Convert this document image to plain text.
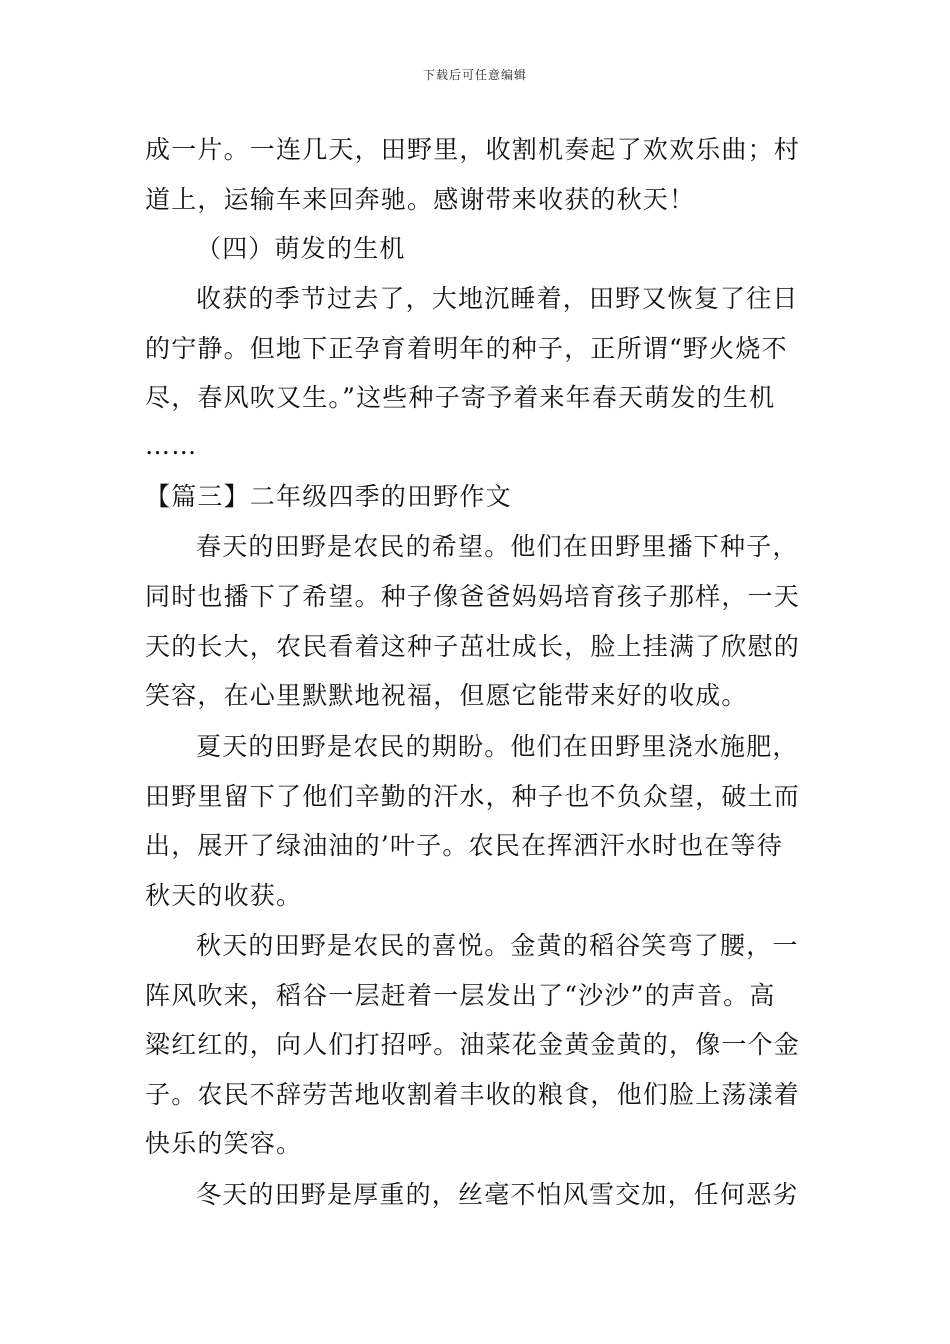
下载后可任意编辑
成一片。一连几天，田野里，收割机奏起了欢欢乐曲；村
道上，运输车来回奔驰。感谢带来收获的秋天！
（四）萌发的生机
收获的季节过去了，大地沉睡着，田野又恢复了往日
的宁静。但地下正孕育着明年的种子，正所谓“野火烧不
尽，春风吹又生。”这些种子寄予着来年春天萌发的生机
……
【篇三】二年级四季的田野作文
春天的田野是农民的希望。他们在田野里播下种子，
同时也播下了希望。种子像爸爸妈妈培育孩子那样，一天
天的长大，农民看着这种子茁壮成长，脸上挂满了欣慰的
笑容，在心里默默地祝福，但愿它能带来好的收成。
夏天的田野是农民的期盼。他们在田野里浇水施肥，
田野里留下了他们辛勤的汗水，种子也不负众望，破土而
出，展开了绿油油的’叶子。农民在挥洒汗水时也在等待
秋天的收获。
秋天的田野是农民的喜悦。金黄的稻谷笑弯了腰，一
阵风吹来，稻谷一层赶着一层发出了“沙沙”的声音。高
粱红红的，向人们打招呼。油菜花金黄金黄的，像一个金
子。农民不辞劳苦地收割着丰收的粮食，他们脸上荡漾着
快乐的笑容。
冬天的田野是厚重的，丝毫不怕风雪交加，任何恶劣
